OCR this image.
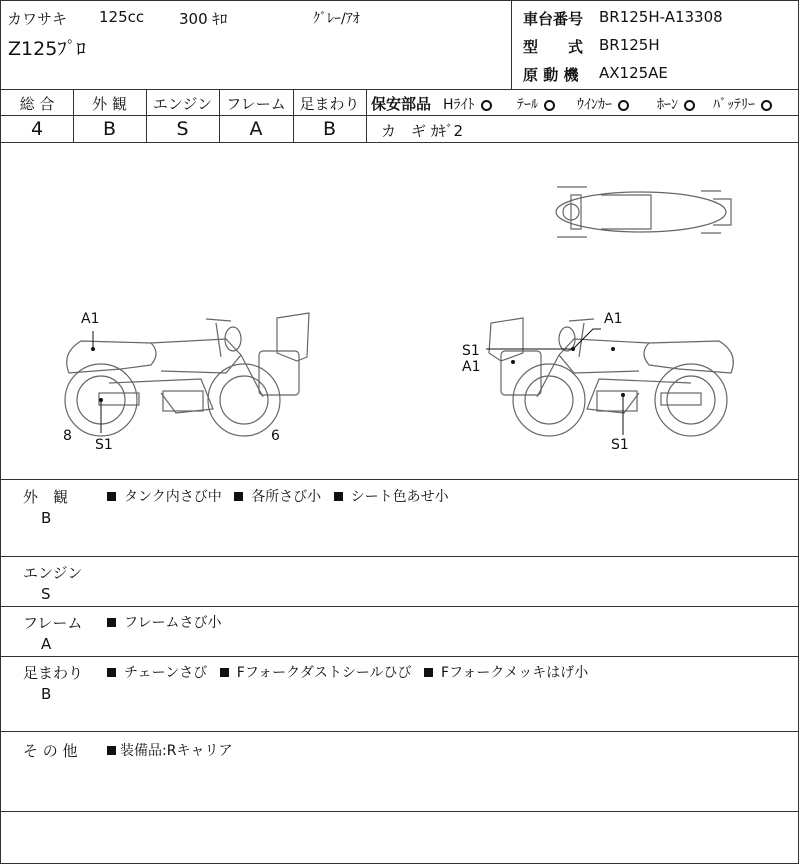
カワサキ 125cc 300 ｷﾛ	ｸﾞﾚｰ/ｱｵ
Z125ﾌﾟﾛ
車台番号 BR125H-A13308
型　　式 BR125H
原 動 機 AX125AE
総 合	外 観	エンジン フレーム 足まわり
4	B	S	A	B
保安部品 Hﾗｲﾄ	ﾃｰﾙ	ｳｲﾝｶｰ	ﾎｰﾝ	ﾊﾞｯﾃﾘｰ
カ　ギ ｶｷﾞ2
A1
8
S1
6
S1
A1
A1
S1
外　観
B
タンク内さび中 各所さび小 シート色あせ小
エンジン
S
フレーム
A
フレームさび小
足まわり
B
チェーンさび Fフォークダストシールひび Fフォークメッキはげ小
そ の 他	装備品:Rキャリア
